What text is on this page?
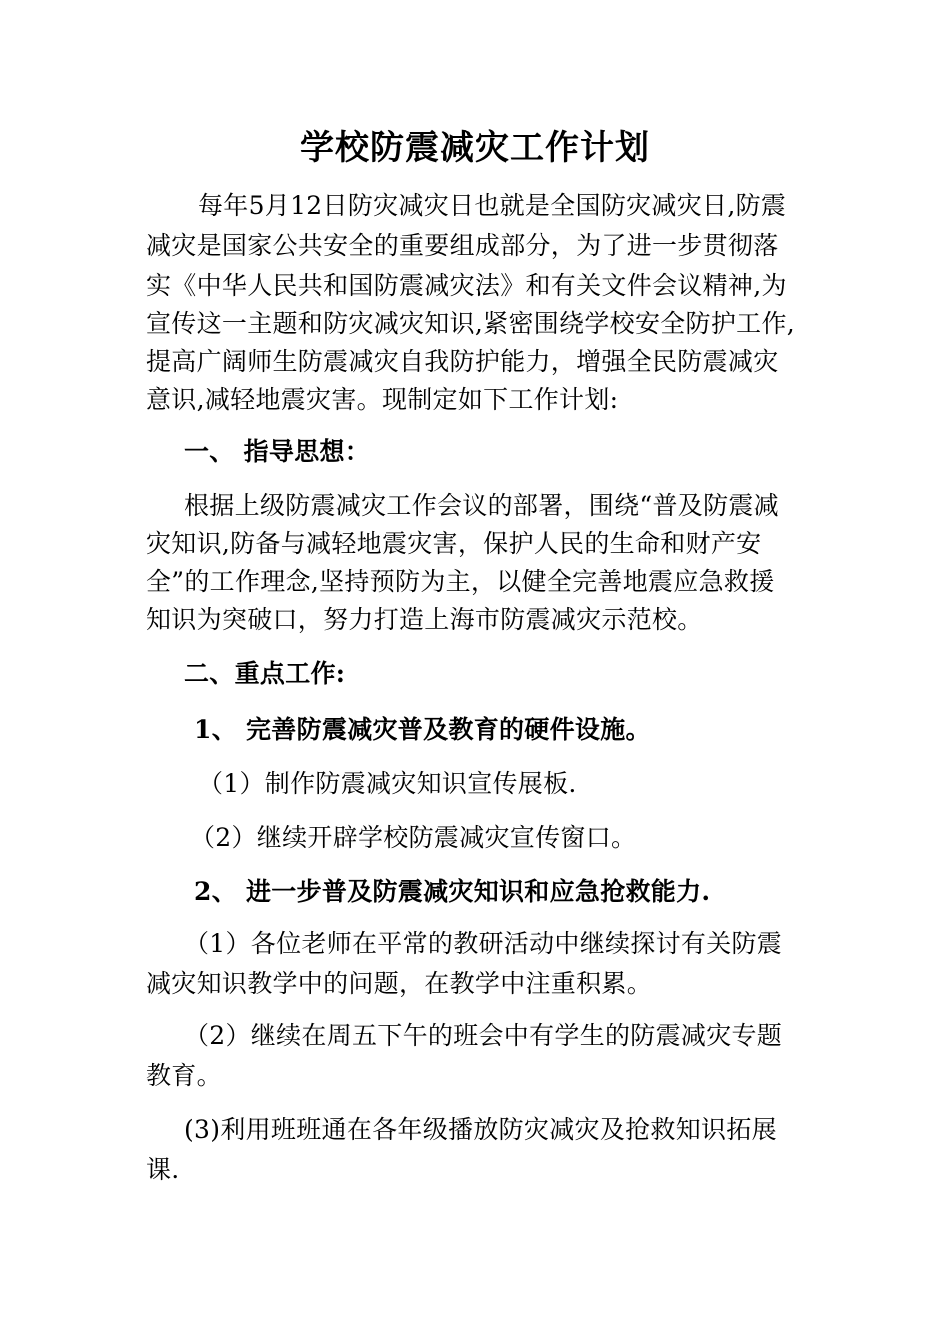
学校防震减灾工作计划
每年5月12日防灾减灾日也就是全国防灾减灾日,防震
减灾是国家公共安全的重要组成部分，为了进一步贯彻落
实《中华人民共和国防震减灾法》和有关文件会议精神,为
宣传这一主题和防灾减灾知识,紧密围绕学校安全防护工作,
提高广阔师生防震减灾自我防护能力，增强全民防震减灾
意识,减轻地震灾害。现制定如下工作计划:
一、 指导思想：
根据上级防震减灾工作会议的部署，围绕“普及防震减
灾知识,防备与减轻地震灾害，保护人民的生命和财产安
全”的工作理念,坚持预防为主，以健全完善地震应急救援
知识为突破口，努力打造上海市防震减灾示范校。
二、重点工作:
1、 完善防震减灾普及教育的硬件设施。
（1）制作防震减灾知识宣传展板.
（2）继续开辟学校防震减灾宣传窗口。
2、 进一步普及防震减灾知识和应急抢救能力.
（1）各位老师在平常的教研活动中继续探讨有关防震
减灾知识教学中的问题，在教学中注重积累。
（2）继续在周五下午的班会中有学生的防震减灾专题
教育。
(3)利用班班通在各年级播放防灾减灾及抢救知识拓展
课.
